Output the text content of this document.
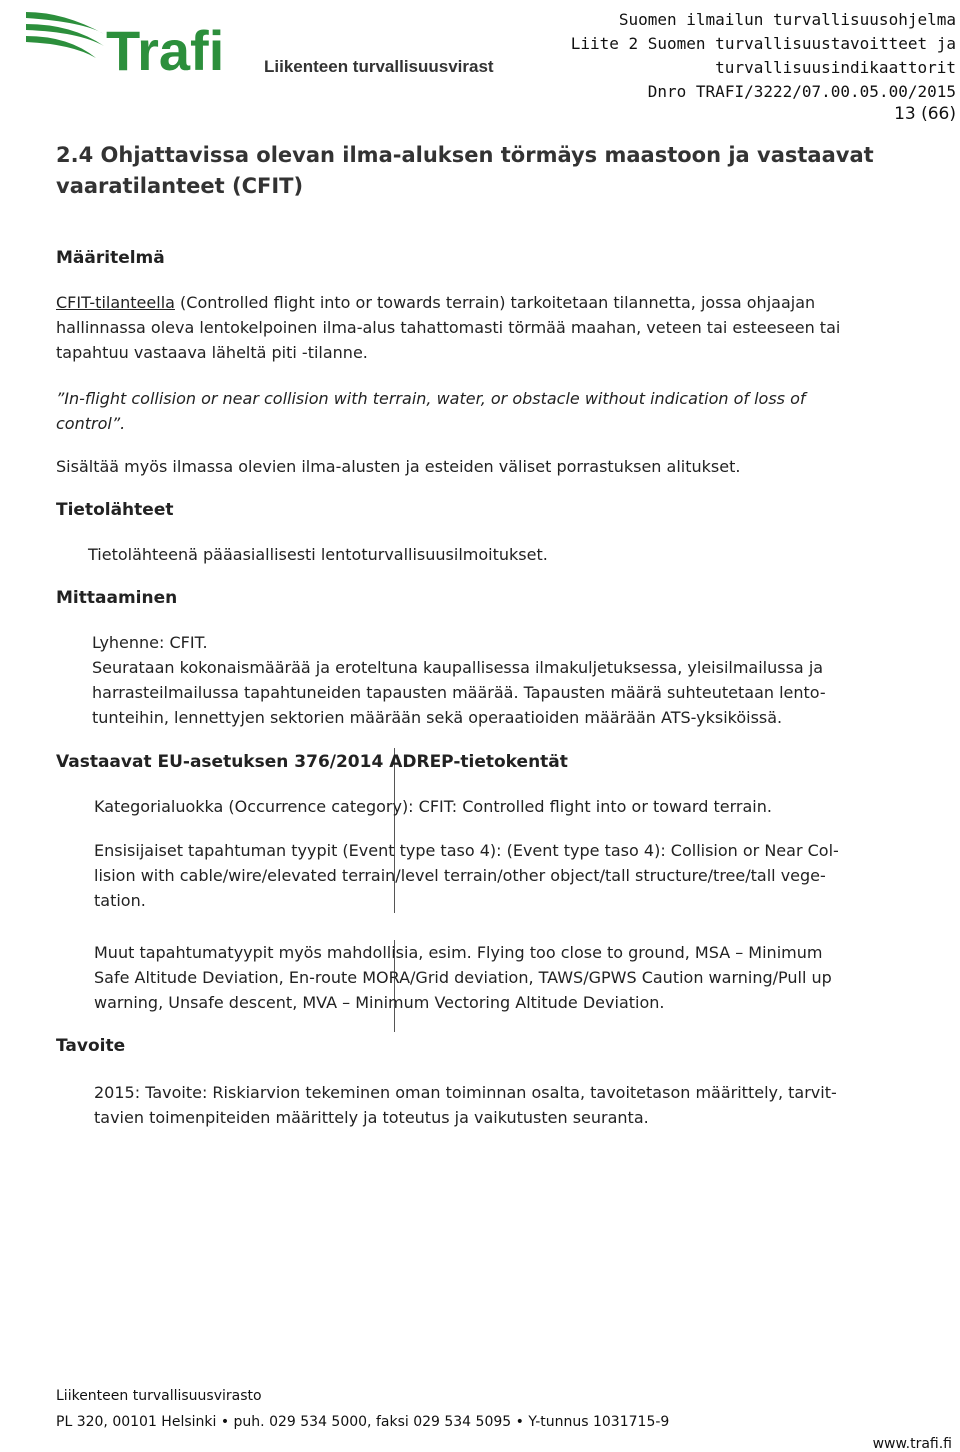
Trafi Liikenteen turvallisuusvirasto
Suomen ilmailun turvallisuusohjelma
Liite 2 Suomen turvallisuustavoitteet ja
turvallisuusindikaattorit
Dnro TRAFI/3222/07.00.05.00/2015
13 (66)
2.4 Ohjattavissa olevan ilma-aluksen törmäys maastoon ja vastaavat
vaaratilanteet (CFIT)
Määritelmä
CFIT-tilanteella (Controlled flight into or towards terrain) tarkoitetaan tilannetta, jossa ohjaajan
hallinnassa oleva lentokelpoinen ilma-alus tahattomasti törmää maahan, veteen tai esteeseen tai
tapahtuu vastaava läheltä piti -tilanne.
”In-flight collision or near collision with terrain, water, or obstacle without indication of loss of
control”.
Sisältää myös ilmassa olevien ilma-alusten ja esteiden väliset porrastuksen alitukset.
Tietolähteet
Tietolähteenä pääasiallisesti lentoturvallisuusilmoitukset.
Mittaaminen
Lyhenne: CFIT.
Seurataan kokonaismäärää ja eroteltuna kaupallisessa ilmakuljetuksessa, yleisilmailussa ja
harrasteilmailussa tapahtuneiden tapausten määrää. Tapausten määrä suhteutetaan lento-
tunteihin, lennettyjen sektorien määrään sekä operaatioiden määrään ATS-yksiköissä.
Vastaavat EU-asetuksen 376/2014 ADREP-tietokentät
Kategorialuokka (Occurrence category): CFIT: Controlled flight into or toward terrain.
Ensisijaiset tapahtuman tyypit (Event type taso 4): (Event type taso 4): Collision or Near Col-
lision with cable/wire/elevated terrain/level terrain/other object/tall structure/tree/tall vege-
tation.
Muut tapahtumatyypit myös mahdollisia, esim. Flying too close to ground, MSA – Minimum
Safe Altitude Deviation, En-route MORA/Grid deviation, TAWS/GPWS Caution warning/Pull up
warning, Unsafe descent, MVA – Minimum Vectoring Altitude Deviation.
Tavoite
2015: Tavoite: Riskiarvion tekeminen oman toiminnan osalta, tavoitetason määrittely, tarvit-
tavien toimenpiteiden määrittely ja toteutus ja vaikutusten seuranta.
Liikenteen turvallisuusvirasto
PL 320, 00101 Helsinki • puh. 029 534 5000, faksi 029 534 5095 • Y-tunnus 1031715-9
www.trafi.fi
